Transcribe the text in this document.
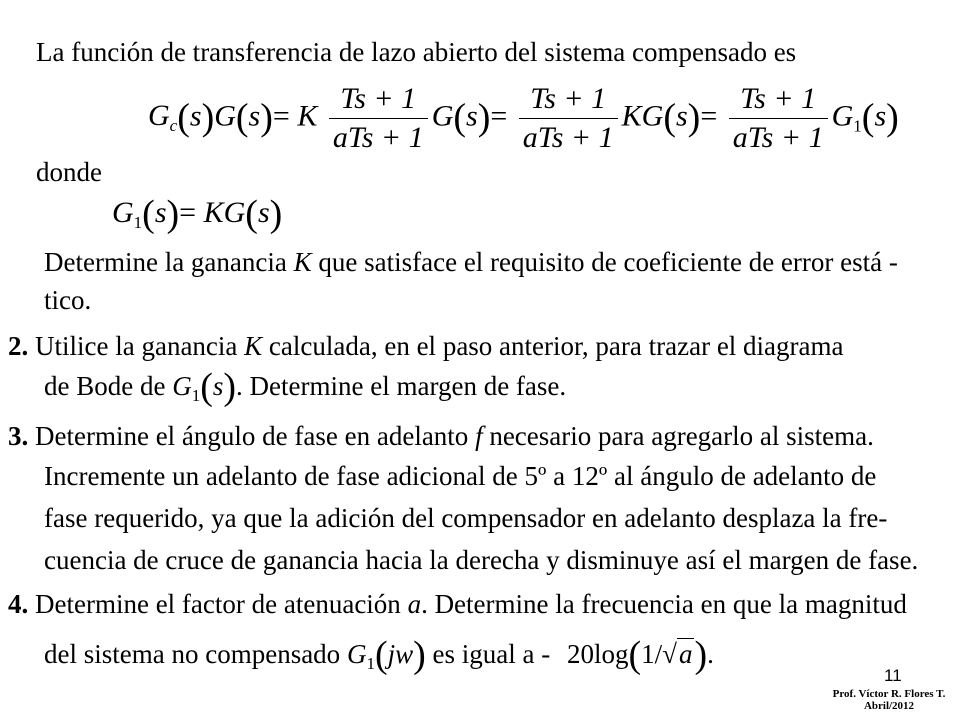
La función de transferencia de lazo abierto del sistema compensado es
$G_c(s)G(s)= K \frac{Ts + 1}{\text{aTs + 1}} G(s)= \frac{Ts + 1}{\text{aTs + 1}} KG(s)= \frac{Ts + 1}{\text{aTs + 1}} G_1(s)$
donde
$G_1(s)= KG(s)$
Determine la ganancia K que satisface el requisito de coeficiente de error está -
tico.
2. Utilice la ganancia K calculada, en el paso anterior, para trazar el diagrama
de Bode de $G_1(s)$. Determine el margen de fase.
3. Determine el ángulo de fase en adelanto f necesario para agregarlo al sistema.
Incremente un adelanto de fase adicional de 5º a 12º al ángulo de adelanto de
fase requerido, ya que la adición del compensador en adelanto desplaza la fre-
cuencia de cruce de ganancia hacia la derecha y disminuye así el margen de fase.
4. Determine el factor de atenuación a. Determine la frecuencia en que la magnitud
del sistema no compensado $G_1(jw)$ es igual a - 20log(1/√a).
11
Prof. Víctor R. Flores T.
Abril/2012
